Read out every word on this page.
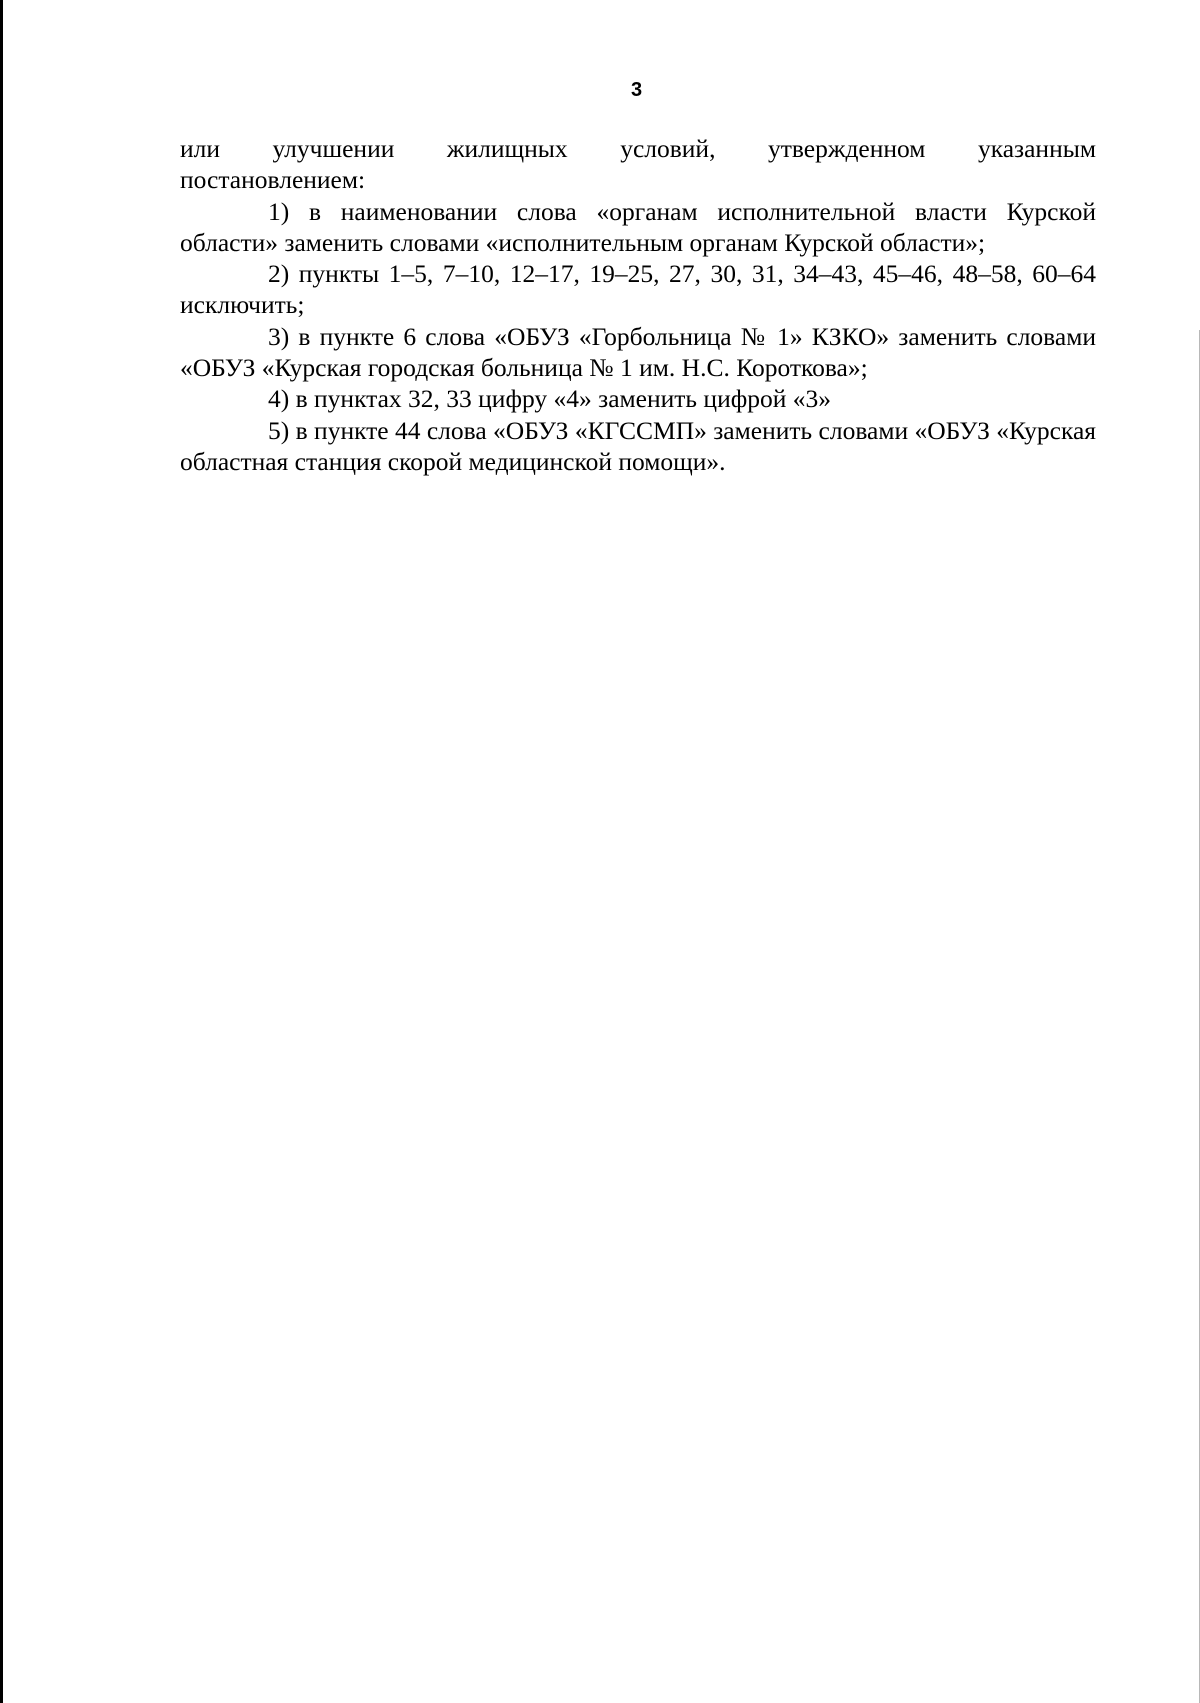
3

или улучшении жилищных условий, утвержденном указанным

постановлением:

1) в наименовании слова «органам исполнительной власти Курской области» заменить словами «исполнительным органам Курской области»;

2) пункты 1–5, 7–10, 12–17, 19–25, 27, 30, 31, 34–43, 45–46, 48–58, 60–64 исключить;

3) в пункте 6 слова «ОБУЗ «Горбольница № 1» КЗКО» заменить словами «ОБУЗ «Курская городская больница № 1 им. Н.С. Короткова»;

4) в пунктах 32, 33 цифру «4» заменить цифрой «3»

5) в пункте 44 слова «ОБУЗ «КГССМП» заменить словами «ОБУЗ «Курская областная станция скорой медицинской помощи».
